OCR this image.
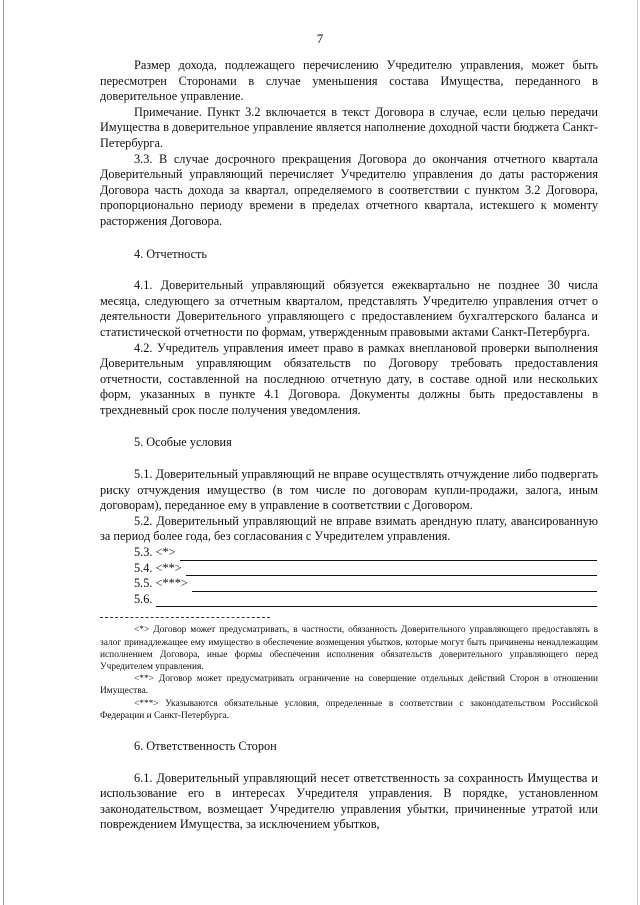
7

Размер дохода, подлежащего перечислению Учредителю управления, может быть пересмотрен Сторонами в случае уменьшения состава Имущества, переданного в доверительное управление.

Примечание. Пункт 3.2 включается в текст Договора в случае, если целью передачи Имущества в доверительное управление является наполнение доходной части бюджета Санкт-Петербурга.

3.3. В случае досрочного прекращения Договора до окончания отчетного квартала Доверительный управляющий перечисляет Учредителю управления до даты расторжения Договора часть дохода за квартал, определяемого в соответствии с пунктом 3.2 Договора, пропорционально периоду времени в пределах отчетного квартала, истекшего к моменту расторжения Договора.

4. Отчетность

4.1. Доверительный управляющий обязуется ежеквартально не позднее 30 числа месяца, следующего за отчетным кварталом, представлять Учредителю управления отчет о деятельности Доверительного управляющего с предоставлением бухгалтерского баланса и статистической отчетности по формам, утвержденным правовыми актами Санкт-Петербурга.

4.2. Учредитель управления имеет право в рамках внеплановой проверки выполнения Доверительным управляющим обязательств по Договору требовать предоставления отчетности, составленной на последнюю отчетную дату, в составе одной или нескольких форм, указанных в пункте 4.1 Договора. Документы должны быть предоставлены в трехдневный срок после получения уведомления.

5. Особые условия

5.1. Доверительный управляющий не вправе осуществлять отчуждение либо подвергать риску отчуждения имущество (в том числе по договорам купли-продажи, залога, иным договорам), переданное ему в управление в соответствии с Договором.

5.2. Доверительный управляющий не вправе взимать арендную плату, авансированную за период более года, без согласования с Учредителем управления.

5.3. <*>
5.4. <**>
5.5. <***>
5.6.

<*> Договор может предусматривать, в частности, обязанность Доверительного управляющего предоставлять в залог принадлежащее ему имущество в обеспечение возмещения убытков, которые могут быть причинены ненадлежащим исполнением Договора, иные формы обеспечения исполнения обязательств доверительного управляющего перед Учредителем управления.

<**> Договор может предусматривать ограничение на совершение отдельных действий Сторон в отношении Имущества.

<***> Указываются обязательные условия, определенные в соответствии с законодательством Российской Федерации и Санкт-Петербурга.

6. Ответственность Сторон

6.1. Доверительный управляющий несет ответственность за сохранность Имущества и использование его в интересах Учредителя управления. В порядке, установленном законодательством, возмещает Учредителю управления убытки, причиненные утратой или повреждением Имущества, за исключением убытков,
